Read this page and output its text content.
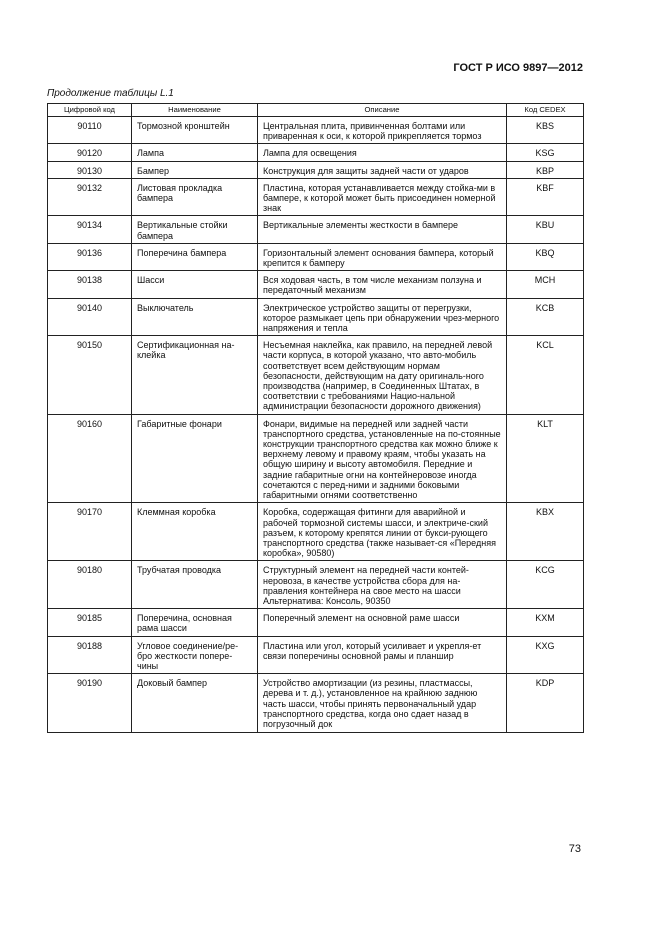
ГОСТ Р ИСО 9897—2012
Продолжение таблицы L.1
Цифровой код	Наименование	Описание	Код CEDEX
90110	Тормозной кронштейн	Центральная плита, привинченная болтами или приваренная к оси, к которой прикрепляется тормоз	KBS
90120	Лампа	Лампа для освещения	KSG
90130	Бампер	Конструкция для защиты задней части от ударов	KBP
90132	Листовая прокладка бампера	Пластина, которая устанавливается между стойка-ми в бампере, к которой может быть присоединен номерной знак	KBF
90134	Вертикальные стойки бампера	Вертикальные элементы жесткости в бампере	KBU
90136	Поперечина бампера	Горизонтальный элемент основания бампера, который крепится к бамперу	KBQ
90138	Шасси	Вся ходовая часть, в том числе механизм ползуна и передаточный механизм	MCH
90140	Выключатель	Электрическое устройство защиты от перегрузки, которое размыкает цепь при обнаружении чрез-мерного напряжения и тепла	KCB
90150	Сертификационная на-клейка	Несъемная наклейка, как правило, на передней левой части корпуса, в которой указано, что авто-мобиль соответствует всем действующим нормам безопасности, действующим на дату оригиналь-ного производства (например, в Соединенных Штатах, в соответствии с требованиями Нацио-нальной администрации безопасности дорожного движения)	KCL
90160	Габаритные фонари	Фонари, видимые на передней или задней части транспортного средства, установленные на по-стоянные конструкции транспортного средства как можно ближе к верхнему левому и правому краям, чтобы указать на общую ширину и высоту автомобиля. Передние и задние габаритные огни на контейнеровозе иногда сочетаются с перед-ними и задними боковыми габаритными огнями соответственно	KLT
90170	Клеммная коробка	Коробка, содержащая фитинги для аварийной и рабочей тормозной системы шасси, и электриче-ский разъем, к которому крепятся линии от букси-рующего транспортного средства (также называет-ся «Передняя коробка», 90580)	KBX
90180	Трубчатая проводка	Структурный элемент на передней части контей-неровоза, в качестве устройства сбора для на-правления контейнера на свое место на шасси Альтернатива: Консоль, 90350	KCG
90185	Поперечина, основная рама шасси	Поперечный элемент на основной раме шасси	KXM
90188	Угловое соединение/ре-бро жесткости попере-чины	Пластина или угол, который усиливает и укрепля-ет связи поперечины основной рамы и планшир	KXG
90190	Доковый бампер	Устройство амортизации (из резины, пластмассы, дерева и т. д.), установленное на крайнюю заднюю часть шасси, чтобы принять первоначальный удар транспортного средства, когда оно сдает назад в погрузочный док	KDP
73
